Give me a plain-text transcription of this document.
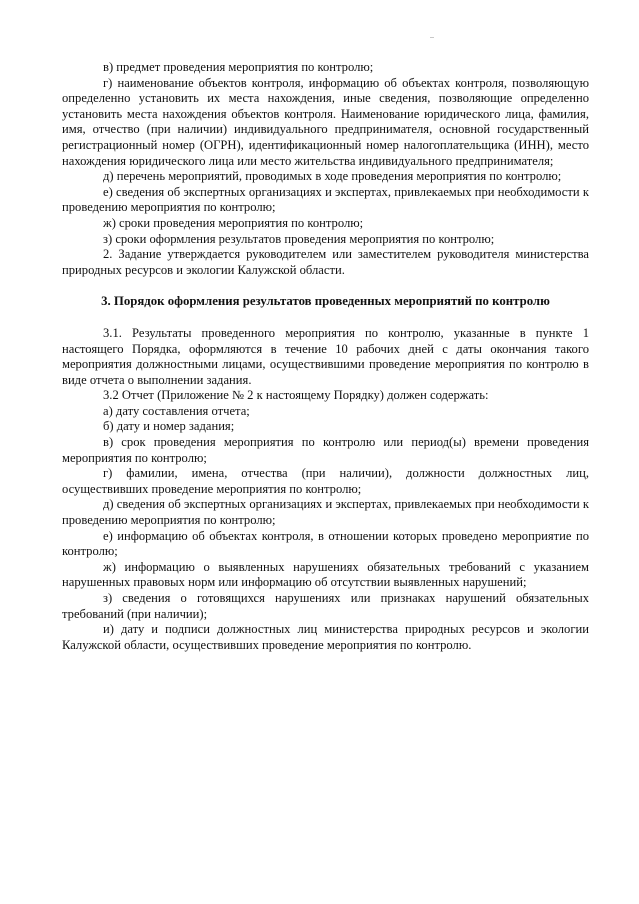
в) предмет проведения мероприятия по контролю;

г) наименование объектов контроля, информацию об объектах контроля, позволяющую определенно установить их места нахождения, иные сведения, позволяющие определенно установить места нахождения объектов контроля. Наименование юридического лица, фамилия, имя, отчество (при наличии) индивидуального предпринимателя, основной государственный регистрационный номер (ОГРН), идентификационный номер налогоплательщика (ИНН), место нахождения юридического лица или место жительства индивидуального предпринимателя;

д) перечень мероприятий, проводимых в ходе проведения мероприятия по контролю;

е) сведения об экспертных организациях и экспертах, привлекаемых при необходимости к проведению мероприятия по контролю;

ж) сроки проведения мероприятия по контролю;

з) сроки оформления результатов проведения мероприятия по контролю;

2. Задание утверждается руководителем или заместителем руководителя министерства природных ресурсов и экологии Калужской области.

3. Порядок оформления результатов проведенных мероприятий по контролю

3.1. Результаты проведенного мероприятия по контролю, указанные в пункте 1 настоящего Порядка, оформляются в течение 10 рабочих дней с даты окончания такого мероприятия должностными лицами, осуществившими проведение мероприятия по контролю в виде отчета о выполнении задания.

3.2 Отчет (Приложение № 2 к настоящему Порядку) должен содержать:

а) дату составления отчета;

б) дату и номер задания;

в) срок проведения мероприятия по контролю или период(ы) времени проведения мероприятия по контролю;

г) фамилии, имена, отчества (при наличии), должности должностных лиц, осуществивших проведение мероприятия по контролю;

д) сведения об экспертных организациях и экспертах, привлекаемых при необходимости к проведению мероприятия по контролю;

е) информацию об объектах контроля, в отношении которых проведено мероприятие по контролю;

ж) информацию о выявленных нарушениях обязательных требований с указанием нарушенных правовых норм или информацию об отсутствии выявленных нарушений;

з) сведения о готовящихся нарушениях или признаках нарушений обязательных требований (при наличии);

и) дату и подписи должностных лиц министерства природных ресурсов и экологии Калужской области, осуществивших проведение мероприятия по контролю.
